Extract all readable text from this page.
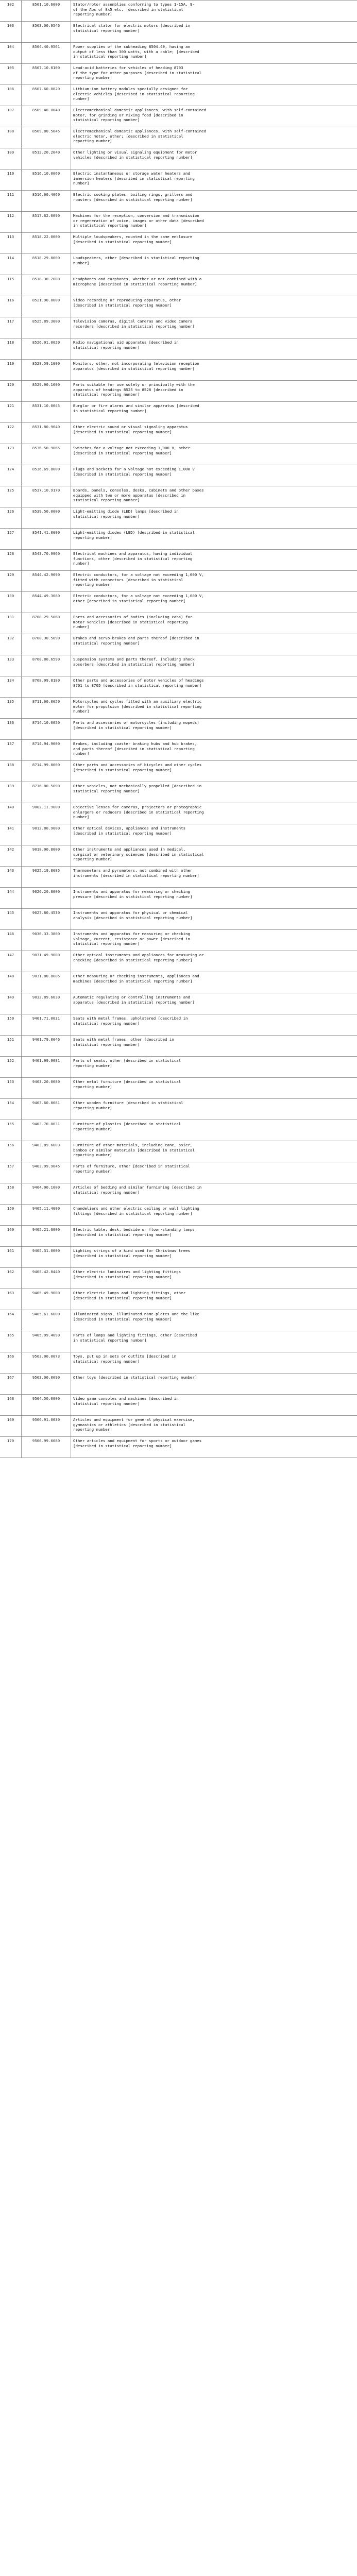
102	8501.10.6000	Stator/rotor assemblies conforming to types 1-15A, 9-
of the Abs of 8x5 etc. [described in statistical
reporting number]
103	8503.00.9546	Electrical stator for electric motors [described in
statistical reporting number]
104	8504.40.9561	Power supplies of the subheading 8504.40, having an
output of less than 300 watts, with a cable; [described
in statistical reporting number]
105	8507.10.0100	Lead-acid batteries for vehicles of heading 8703
of the type for other purposes [described in statistical
reporting number]
106	8507.60.0020	Lithium-ion battery modules specially designed for
electric vehicles [described in statistical reporting
number]
107	8509.40.0040	Electromechanical domestic appliances, with self-contained
motor, for grinding or mixing food [described in
statistical reporting number]
108	8509.80.5045	Electromechanical domestic appliances, with self-contained
electric motor, other; [described in statistical
reporting number]
109	8512.20.2040	Other lighting or visual signaling equipment for motor
vehicles [described in statistical reporting number]
110	8516.10.0060	Electric instantaneous or storage water heaters and
immersion heaters [described in statistical reporting
number]
111	8516.60.4060	Electric cooking plates, boiling rings, grillers and
roasters [described in statistical reporting number]
112	8517.62.0090	Machines for the reception, conversion and transmission
or regeneration of voice, images or other data [described
in statistical reporting number]
113	8518.22.0000	Multiple loudspeakers, mounted in the same enclosure
[described in statistical reporting number]
114	8518.29.8000	Loudspeakers, other [described in statistical reporting
number]
115	8518.30.2000	Headphones and earphones, whether or not combined with a
microphone [described in statistical reporting number]
116	8521.90.0000	Video recording or reproducing apparatus, other
[described in statistical reporting number]
117	8525.89.3000	Television cameras, digital cameras and video camera
recorders [described in statistical reporting number]
118	8526.91.0020	Radio navigational aid apparatus [described in
statistical reporting number]
119	8528.59.1000	Monitors, other, not incorporating television reception
apparatus [described in statistical reporting number]
120	8529.90.1600	Parts suitable for use solely or principally with the
apparatus of headings 8525 to 8528 [described in
statistical reporting number]
121	8531.10.0045	Burglar or fire alarms and similar apparatus [described
in statistical reporting number]
122	8531.80.9040	Other electric sound or visual signaling apparatus
[described in statistical reporting number]
123	8536.50.9065	Switches for a voltage not exceeding 1,000 V, other
[described in statistical reporting number]
124	8536.69.8000	Plugs and sockets for a voltage not exceeding 1,000 V
[described in statistical reporting number]
125	8537.10.9170	Boards, panels, consoles, desks, cabinets and other bases
equipped with two or more apparatus [described in
statistical reporting number]
126	8539.50.0000	Light-emitting diode (LED) lamps [described in
statistical reporting number]
127	8541.41.0000	Light-emitting diodes (LED) [described in statistical
reporting number]
128	8543.70.9960	Electrical machines and apparatus, having individual
functions, other [described in statistical reporting
number]
129	8544.42.9090	Electric conductors, for a voltage not exceeding 1,000 V,
fitted with connectors [described in statistical
reporting number]
130	8544.49.3080	Electric conductors, for a voltage not exceeding 1,000 V,
other [described in statistical reporting number]
131	8708.29.5060	Parts and accessories of bodies (including cabs) for
motor vehicles [described in statistical reporting
number]
132	8708.30.5090	Brakes and servo-brakes and parts thereof [described in
statistical reporting number]
133	8708.80.6590	Suspension systems and parts thereof, including shock
absorbers [described in statistical reporting number]
134	8708.99.8180	Other parts and accessories of motor vehicles of headings
8701 to 8705 [described in statistical reporting number]
135	8711.60.0050	Motorcycles and cycles fitted with an auxiliary electric
motor for propulsion [described in statistical reporting
number]
136	8714.10.0050	Parts and accessories of motorcycles (including mopeds)
[described in statistical reporting number]
137	8714.94.9000	Brakes, including coaster braking hubs and hub brakes,
and parts thereof [described in statistical reporting
number]
138	8714.99.8000	Other parts and accessories of bicycles and other cycles
[described in statistical reporting number]
139	8716.80.5090	Other vehicles, not mechanically propelled [described in
statistical reporting number]
140	9002.11.9000	Objective lenses for cameras, projectors or photographic
enlargers or reducers [described in statistical reporting
number]
141	9013.80.9000	Other optical devices, appliances and instruments
[described in statistical reporting number]
142	9018.90.8000	Other instruments and appliances used in medical,
surgical or veterinary sciences [described in statistical
reporting number]
143	9025.19.8085	Thermometers and pyrometers, not combined with other
instruments [described in statistical reporting number]
144	9026.20.8000	Instruments and apparatus for measuring or checking
pressure [described in statistical reporting number]
145	9027.80.4530	Instruments and apparatus for physical or chemical
analysis [described in statistical reporting number]
146	9030.33.3800	Instruments and apparatus for measuring or checking
voltage, current, resistance or power [described in
statistical reporting number]
147	9031.49.9000	Other optical instruments and appliances for measuring or
checking [described in statistical reporting number]
148	9031.80.8085	Other measuring or checking instruments, appliances and
machines [described in statistical reporting number]
149	9032.89.6030	Automatic regulating or controlling instruments and
apparatus [described in statistical reporting number]
150	9401.71.0031	Seats with metal frames, upholstered [described in
statistical reporting number]
151	9401.79.0046	Seats with metal frames, other [described in
statistical reporting number]
152	9401.99.9081	Parts of seats, other [described in statistical
reporting number]
153	9403.20.0080	Other metal furniture [described in statistical
reporting number]
154	9403.60.8081	Other wooden furniture [described in statistical
reporting number]
155	9403.70.8031	Furniture of plastics [described in statistical
reporting number]
156	9403.89.6003	Furniture of other materials, including cane, osier,
bamboo or similar materials [described in statistical
reporting number]
157	9403.99.9045	Parts of furniture, other [described in statistical
reporting number]
158	9404.90.1000	Articles of bedding and similar furnishing [described in
statistical reporting number]
159	9405.11.4000	Chandeliers and other electric ceiling or wall lighting
fittings [described in statistical reporting number]
160	9405.21.6000	Electric table, desk, bedside or floor-standing lamps
[described in statistical reporting number]
161	9405.31.0000	Lighting strings of a kind used for Christmas trees
[described in statistical reporting number]
162	9405.42.8440	Other electric luminaires and lighting fittings
[described in statistical reporting number]
163	9405.49.9000	Other electric lamps and lighting fittings, other
[described in statistical reporting number]
164	9405.61.6000	Illuminated signs, illuminated name-plates and the like
[described in statistical reporting number]
165	9405.99.4090	Parts of lamps and lighting fittings, other [described
in statistical reporting number]
166	9503.00.0073	Toys, put up in sets or outfits [described in
statistical reporting number]
167	9503.00.0090	Other toys [described in statistical reporting number]
168	9504.50.0000	Video game consoles and machines [described in
statistical reporting number]
169	9506.91.0030	Articles and equipment for general physical exercise,
gymnastics or athletics [described in statistical
reporting number]
170	9506.99.6080	Other articles and equipment for sports or outdoor games
[described in statistical reporting number]
